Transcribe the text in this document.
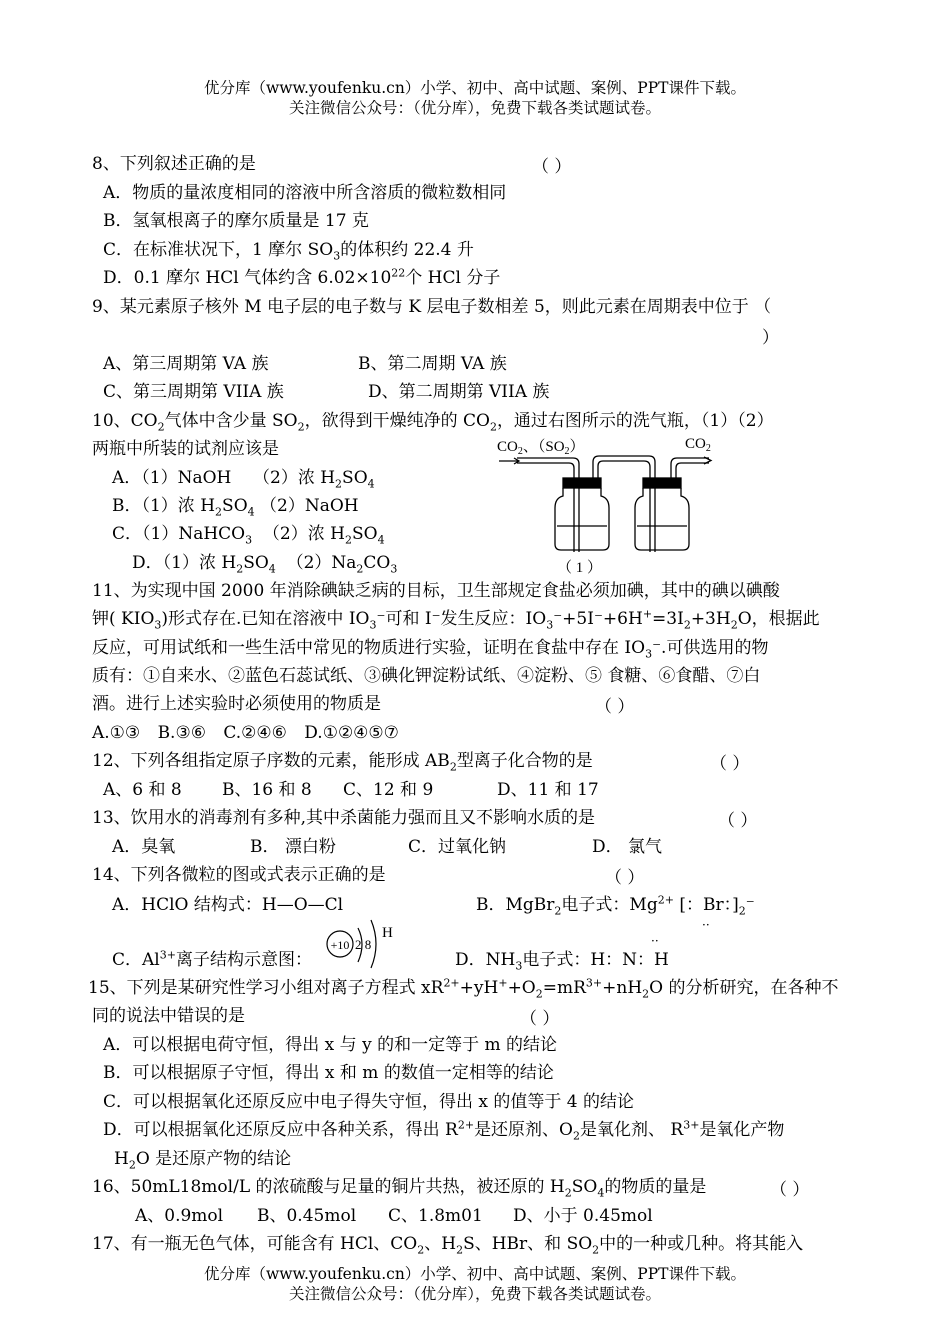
优分库（www.youfenku.cn）小学、初中、高中试题、案例、PPT课件下载。
关注微信公众号：（优分库），免费下载各类试题试卷。
8、下列叙述正确的是	（ ）
A．物质的量浓度相同的溶液中所含溶质的微粒数相同
B．氢氧根离子的摩尔质量是 17 克
C．在标准状况下，1 摩尔 $SO_3$的体积约 22.4 升
D．0.1 摩尔 HCl 气体约含 $6.02\times 10^{22}$个 HCl 分子
9、某元素原子核外 M 电子层的电子数与 K 层电子数相差 5，则此元素在周期表中位于 （
）
A、第三周期第 VA 族	B、第二周期 VA 族
C、第三周期第 VIIA 族	D、第二周期第 VIIA 族
10、$CO_2$气体中含少量 $SO_2$，欲得到干燥纯净的 $CO_2$，通过右图所示的洗气瓶，（1）（2）
两瓶中所装的试剂应该是
A．（1）NaOH （2）浓 $H_2SO_4$
B．（1）浓 $H_2SO_4$ （2）NaOH
C．（1）NaHCO$_3$ （2）浓 $H_2SO_4$
D．（1）浓 $H_2SO_4$ $(2)Na_2CO_3$
$CO_2$、$(SO_2)$	$CO_2$
（ 1 ）
11、为实现中国 2000 年消除碘缺乏病的目标，卫生部规定食盐必须加碘，其中的碘以碘酸
钾( $KIO_3$)形式存在.已知在溶液中 $IO_3^-$可和 I⁻发生反应：$IO_3^-+5I^-+6H^+=3I_2+3H_2O$，根据此
反应，可用试纸和一些生活中常见的物质进行实验，证明在食盐中存在 $IO_3^-$.可供选用的物
质有：①自来水、②蓝色石蕊试纸、③碘化钾淀粉试纸、④淀粉、⑤ 食糖、⑥食醋、⑦白
酒。进行上述实验时必须使用的物质是	（ ）
A.①③ B.③⑥ C.②④⑥ D.①②④⑤⑦
12、下列各组指定原子序数的元素，能形成 $AB_2$型离子化合物的是	（ ）
A、6 和 8 B、16 和 8 C、12 和 9	D、11 和 17
13、饮用水的消毒剂有多种,其中杀菌能力强而且又不影响水质的是	（ ）
A．臭氧	B． 漂白粉	C．过氧化钠	D． 氯气
14、下列各微粒的图或式表示正确的是	（ ）
A．HClO 结构式：H—O—Cl	B．MgBr$_2$电子式：$Mg^{2+}$ [：Br：]$_2^-$
··
C．$Al^{3+}$离子结构示意图：
+10 2 8
H
D．$NH_3$电子式：H：N：H
··
15、下列是某研究性学习小组对离子方程式 $xR^{2+}+yH^++O_2=mR^{3+}+nH_2O$ 的分析研究，在各种不
同的说法中错误的是	（ ）
A．可以根据电荷守恒，得出 x 与 y 的和一定等于 m 的结论
B．可以根据原子守恒，得出 x 和 m 的数值一定相等的结论
C．可以根据氧化还原反应中电子得失守恒，得出 x 的值等于 4 的结论
D．可以根据氧化还原反应中各种关系，得出 $R^{2+}$是还原剂、$O_2$是氧化剂、 $R^{3+}$是氧化产物
$H_2O$ 是还原产物的结论
16、50mL18mol/L 的浓硫酸与足量的铜片共热，被还原的 $H_2SO_4$的物质的量是	（ ）
A、0.9mol B、0.45mol C、1.8m01 D、小于 0.45mol
17、有一瓶无色气体，可能含有 HCl、$CO_2$、$H_2S$、HBr、和 $SO_2$中的一种或几种。将其能入
优分库（www.youfenku.cn）小学、初中、高中试题、案例、PPT课件下载。
关注微信公众号：（优分库），免费下载各类试题试卷。
